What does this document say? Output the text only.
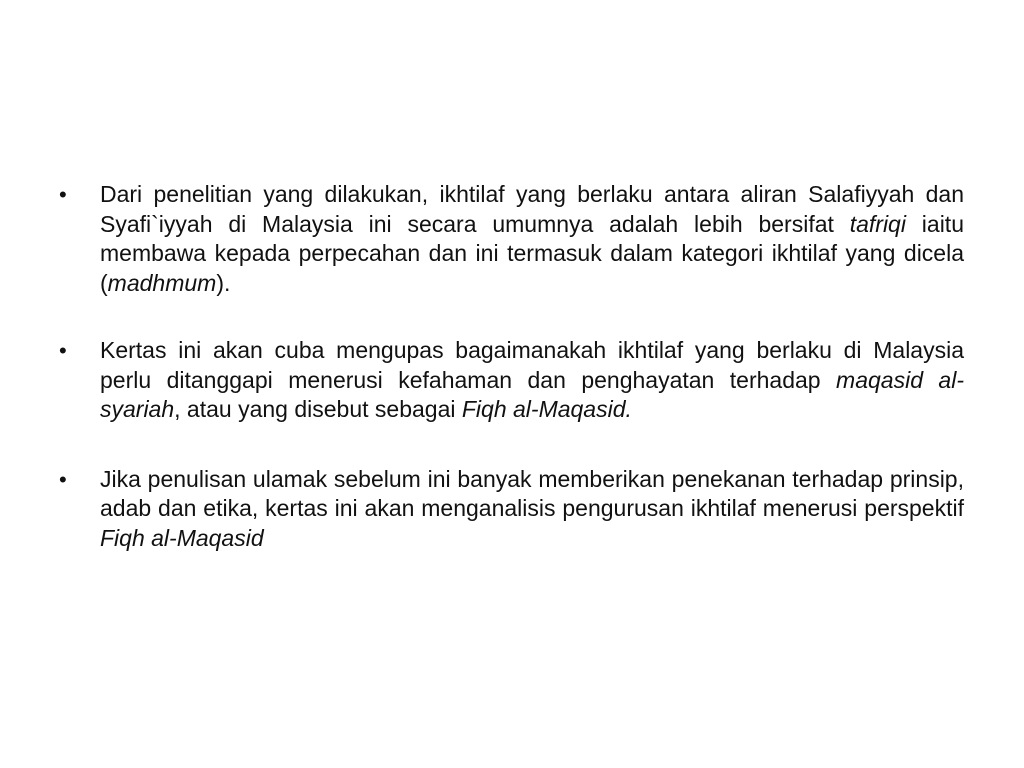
•	Dari penelitian yang dilakukan, ikhtilaf yang berlaku antara aliran Salafiyyah dan Syafi`iyyah di Malaysia ini secara umumnya adalah lebih bersifat tafriqi iaitu membawa kepada perpecahan dan ini termasuk dalam kategori ikhtilaf yang dicela (madhmum).
•	Kertas ini akan cuba mengupas bagaimanakah ikhtilaf yang berlaku di Malaysia perlu ditanggapi menerusi kefahaman dan penghayatan terhadap maqasid al-syariah, atau yang disebut sebagai Fiqh al-Maqasid.
•	Jika penulisan ulamak sebelum ini banyak memberikan penekanan terhadap prinsip, adab dan etika, kertas ini akan menganalisis pengurusan ikhtilaf menerusi perspektif Fiqh al-Maqasid
